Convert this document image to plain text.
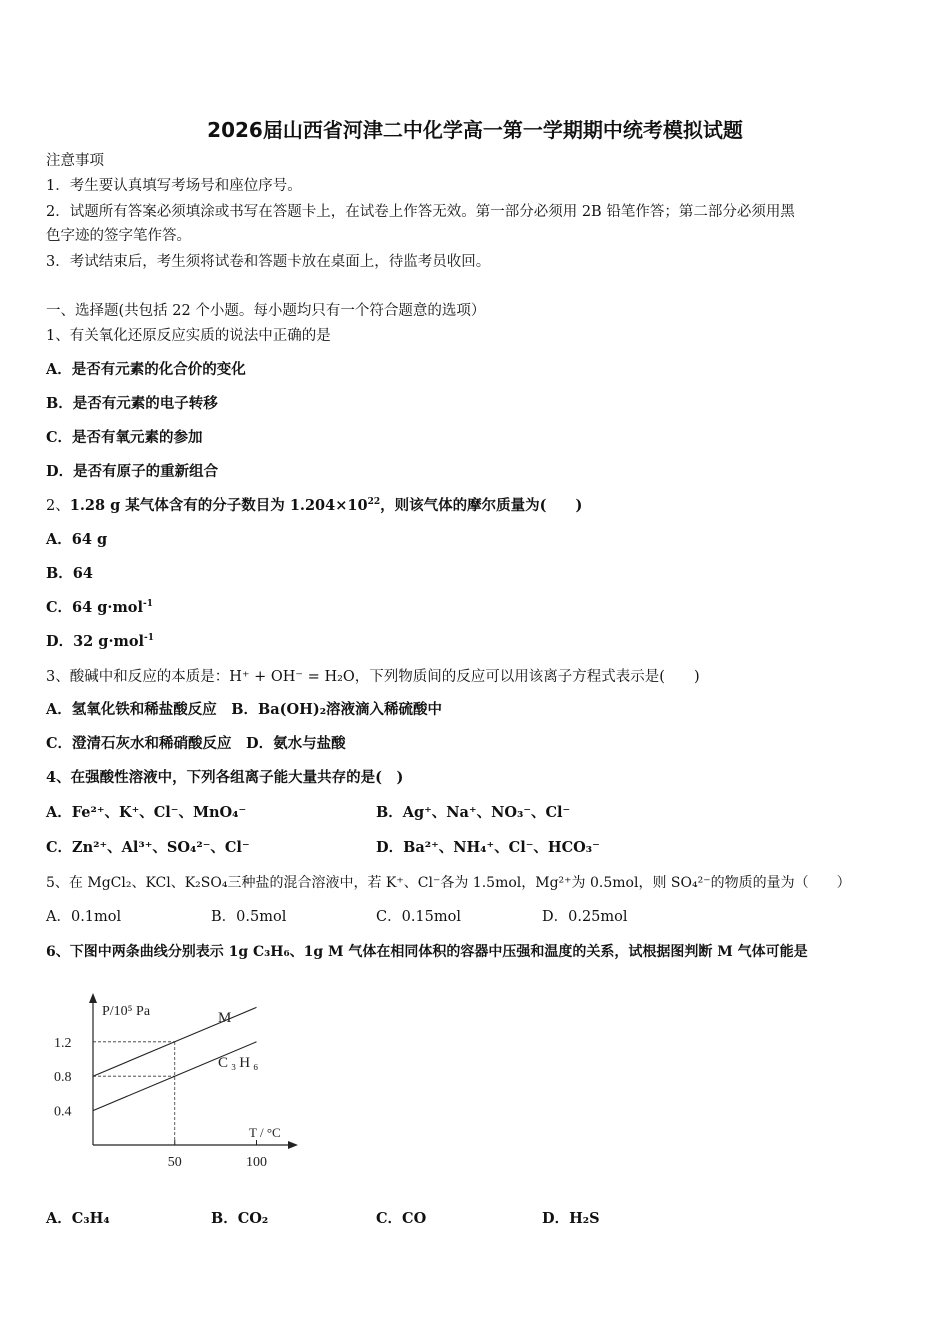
2026届山西省河津二中化学高一第一学期期中统考模拟试题
注意事项
1．考生要认真填写考场号和座位序号。
2．试题所有答案必须填涂或书写在答题卡上，在试卷上作答无效。第一部分必须用 2B 铅笔作答；第二部分必须用黑
色字迹的签字笔作答。
3．考试结束后，考生须将试卷和答题卡放在桌面上，待监考员收回。
一、选择题(共包括 22 个小题。每小题均只有一个符合题意的选项）
1、有关氧化还原反应实质的说法中正确的是
A．是否有元素的化合价的变化
B．是否有元素的电子转移
C．是否有氧元素的参加
D．是否有原子的重新组合
2、1.28 g 某气体含有的分子数目为 $1.204\times 10^{22}$，则该气体的摩尔质量为(　　)
A．64 g
B．64
C．64 g·mol$^{-1}$
D．32 g·mol$^{-1}$
3、酸碱中和反应的本质是：H⁺ + OH⁻ = H₂O，下列物质间的反应可以用该离子方程式表示是(　　)
A．氢氧化铁和稀盐酸反应　B．Ba(OH)₂溶液滴入稀硫酸中
C．澄清石灰水和稀硝酸反应　D．氨水与盐酸
4、在强酸性溶液中，下列各组离子能大量共存的是(　)
A．Fe²⁺、K⁺、Cl⁻、MnO₄⁻	B．Ag⁺、Na⁺、NO₃⁻、Cl⁻
C．Zn²⁺、Al³⁺、SO₄²⁻、Cl⁻	D．Ba²⁺、NH₄⁺、Cl⁻、HCO₃⁻
5、在 MgCl₂、KCl、K₂SO₄三种盐的混合溶液中，若 K⁺、Cl⁻各为 1.5mol，Mg²⁺为 0.5mol，则 SO₄²⁻的物质的量为（　　）
A．0.1mol	B．0.5mol	C．0.15mol	D．0.25mol
6、下图中两条曲线分别表示 1g C₃H₆、1g M 气体在相同体积的容器中压强和温度的关系，试根据图判断 M 气体可能是
P/10⁵ Pa
T / °C
1.2
0.8
0.4
50	100
M
C₃H₆
A．C₃H₄	B．CO₂	C．CO	D．H₂S
